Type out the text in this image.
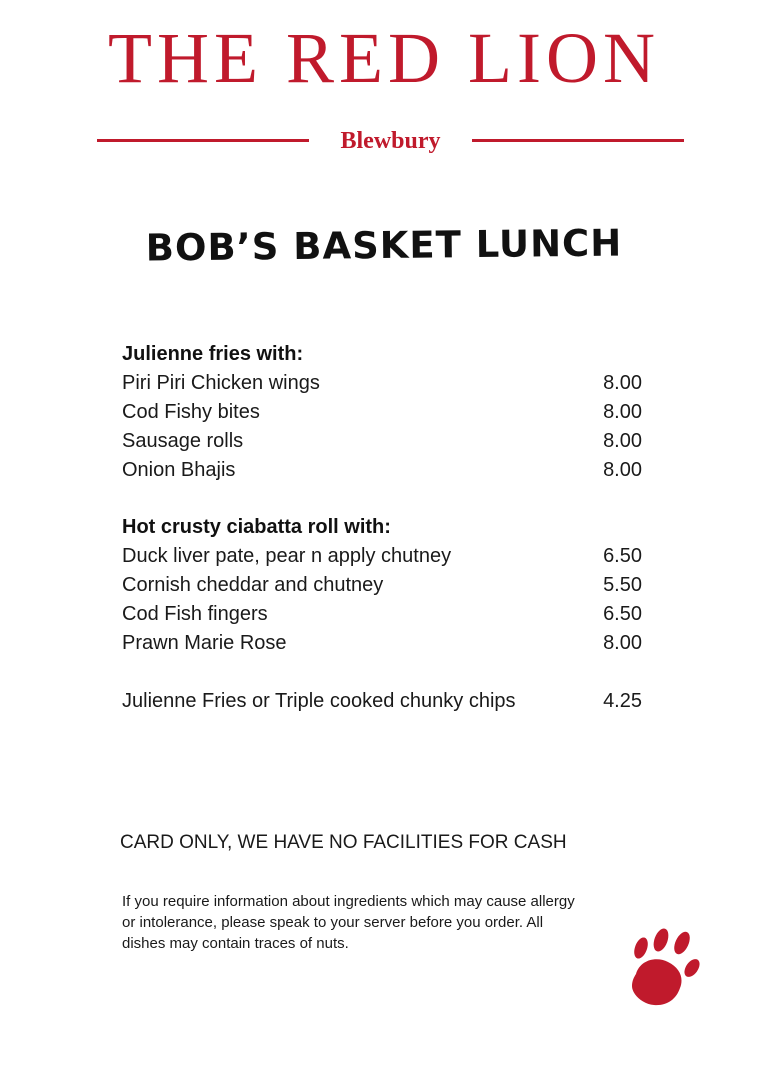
THE RED LION
Blewbury
BOB’S BASKET LUNCH
Julienne fries with:
Piri Piri Chicken wings	8.00
Cod Fishy bites	8.00
Sausage rolls	8.00
Onion Bhajis	8.00
Hot crusty ciabatta roll with:
Duck liver pate, pear n apply chutney	6.50
Cornish cheddar and chutney	5.50
Cod Fish fingers	6.50
Prawn Marie Rose	8.00
Julienne Fries or Triple cooked chunky chips	4.25
CARD ONLY, WE HAVE NO FACILITIES FOR CASH
If you require information about ingredients which may cause allergy or intolerance, please speak to your server before you order. All dishes may contain traces of nuts.
